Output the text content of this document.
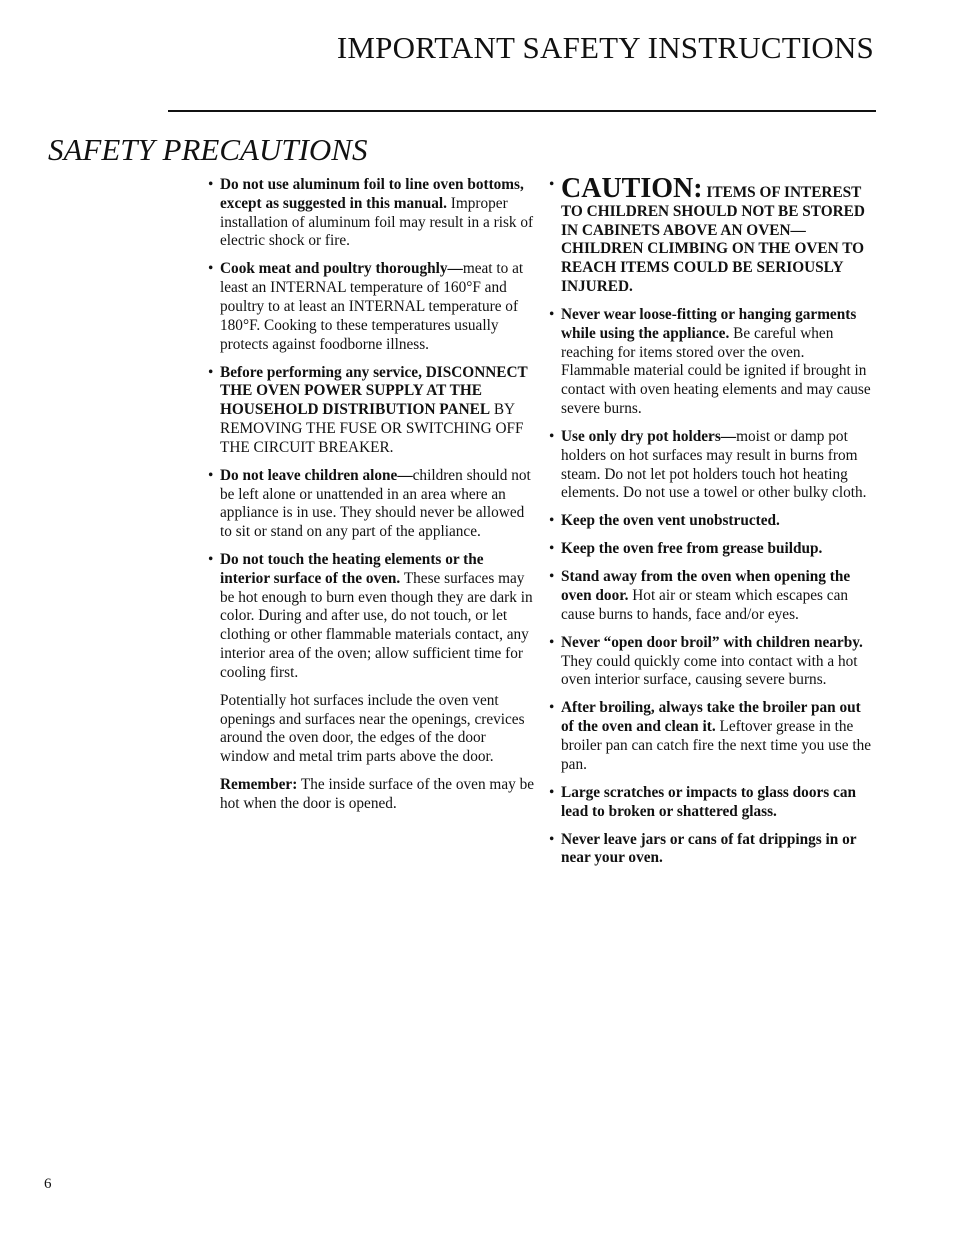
IMPORTANT SAFETY INSTRUCTIONS
SAFETY PRECAUTIONS
• Do not use aluminum foil to line oven bottoms, except as suggested in this manual. Improper installation of aluminum foil may result in a risk of electric shock or fire.
• Cook meat and poultry thoroughly—meat to at least an INTERNAL temperature of 160°F and poultry to at least an INTERNAL temperature of 180°F. Cooking to these temperatures usually protects against foodborne illness.
• Before performing any service, DISCONNECT THE OVEN POWER SUPPLY AT THE HOUSEHOLD DISTRIBUTION PANEL BY REMOVING THE FUSE OR SWITCHING OFF THE CIRCUIT BREAKER.
• Do not leave children alone—children should not be left alone or unattended in an area where an appliance is in use. They should never be allowed to sit or stand on any part of the appliance.
• Do not touch the heating elements or the interior surface of the oven. These surfaces may be hot enough to burn even though they are dark in color. During and after use, do not touch, or let clothing or other flammable materials contact, any interior area of the oven; allow sufficient time for cooling first.
Potentially hot surfaces include the oven vent openings and surfaces near the openings, crevices around the oven door, the edges of the door window and metal trim parts above the door.
Remember: The inside surface of the oven may be hot when the door is opened.
• CAUTION: ITEMS OF INTEREST TO CHILDREN SHOULD NOT BE STORED IN CABINETS ABOVE AN OVEN—CHILDREN CLIMBING ON THE OVEN TO REACH ITEMS COULD BE SERIOUSLY INJURED.
• Never wear loose-fitting or hanging garments while using the appliance. Be careful when reaching for items stored over the oven. Flammable material could be ignited if brought in contact with oven heating elements and may cause severe burns.
• Use only dry pot holders—moist or damp pot holders on hot surfaces may result in burns from steam. Do not let pot holders touch hot heating elements. Do not use a towel or other bulky cloth.
• Keep the oven vent unobstructed.
• Keep the oven free from grease buildup.
• Stand away from the oven when opening the oven door. Hot air or steam which escapes can cause burns to hands, face and/or eyes.
• Never “open door broil” with children nearby. They could quickly come into contact with a hot oven interior surface, causing severe burns.
• After broiling, always take the broiler pan out of the oven and clean it. Leftover grease in the broiler pan can catch fire the next time you use the pan.
• Large scratches or impacts to glass doors can lead to broken or shattered glass.
• Never leave jars or cans of fat drippings in or near your oven.
6
